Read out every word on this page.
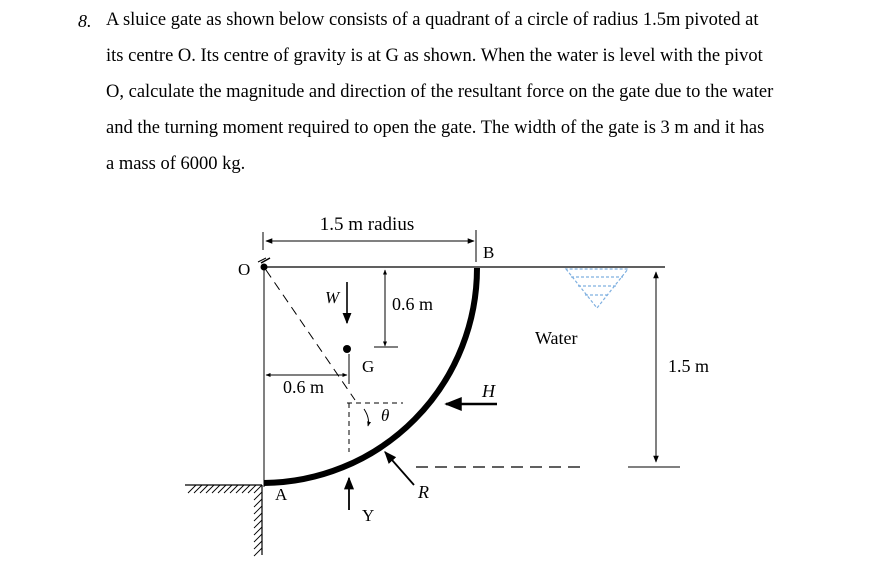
8. A sluice gate as shown below consists of a quadrant of a circle of radius 1.5m pivoted at
its centre O. Its centre of gravity is at G as shown. When the water is level with the pivot
O, calculate the magnitude and direction of the resultant force on the gate due to the water
and the turning moment required to open the gate. The width of the gate is 3 m and it has
a mass of 6000 kg.
1.5 m radius
B
O
W	0.6 m
G
0.6 m
θ
H
Water
1.5 m
R
Y
A
